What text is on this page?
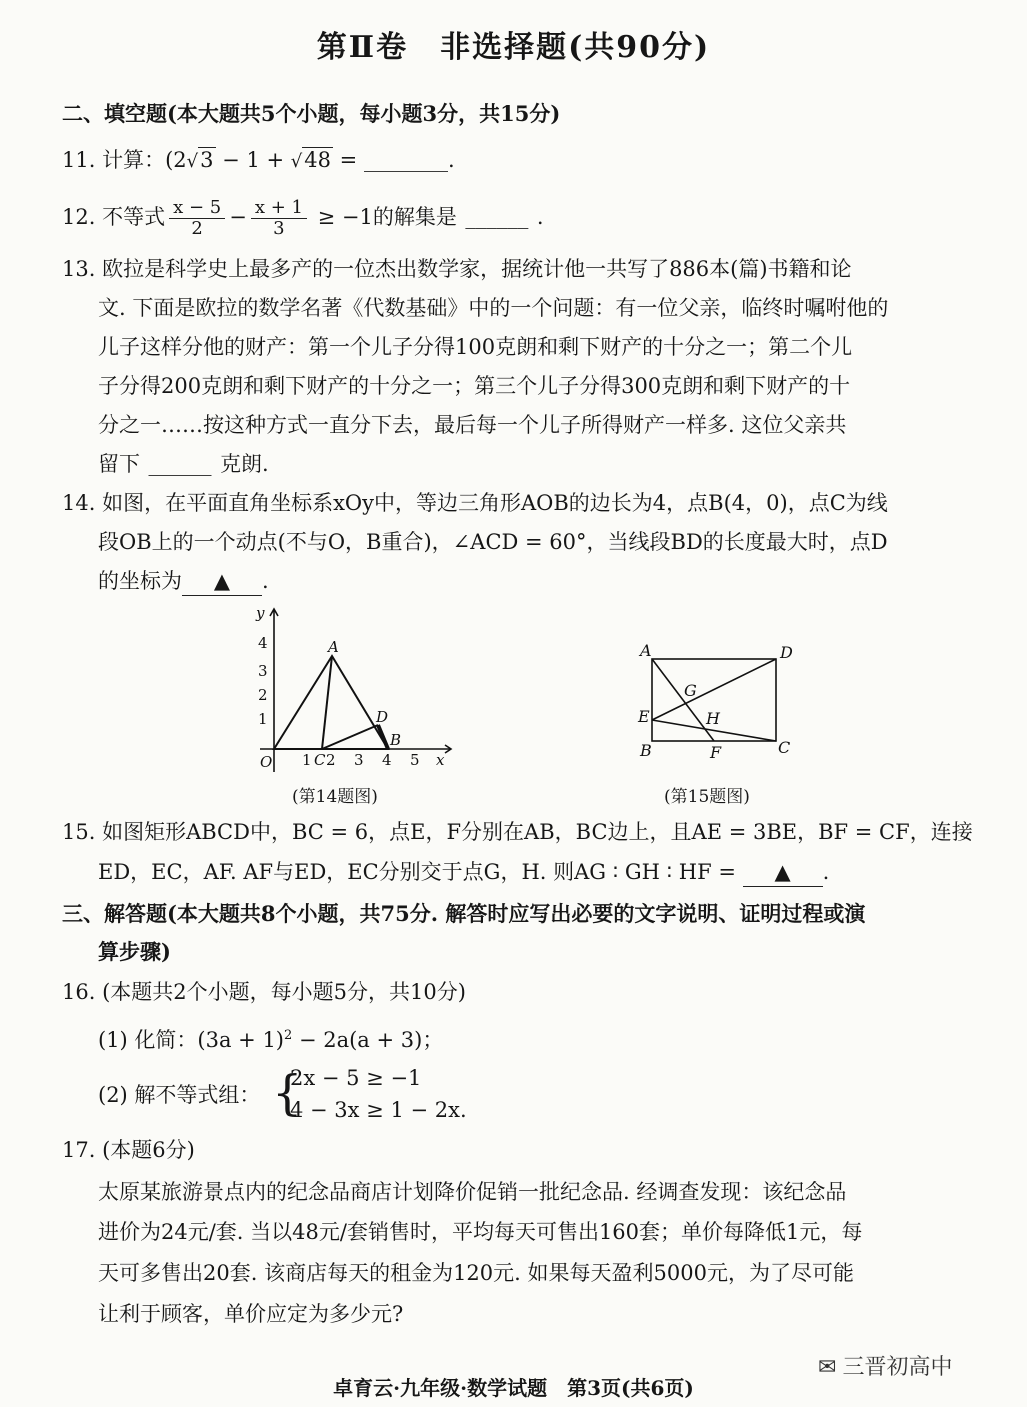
第Ⅱ卷　非选择题(共90分)
二、填空题(本大题共5个小题，每小题3分，共15分)
11. 计算：(2√3 − 1 + √48 = ________.
12. 不等式 $\frac{x - 5}{2} - \frac{x + 1}{3} \ge -1$的解集是 ______ .
13. 欧拉是科学史上最多产的一位杰出数学家，据统计他一共写了886本(篇)书籍和论
文. 下面是欧拉的数学名著《代数基础》中的一个问题：有一位父亲，临终时嘱咐他的
儿子这样分他的财产：第一个儿子分得100克朗和剩下财产的十分之一；第二个儿
子分得200克朗和剩下财产的十分之一；第三个儿子分得300克朗和剩下财产的十
分之一……按这种方式一直分下去，最后每一个儿子所得财产一样多. 这位父亲共
留下 ______ 克朗.
14. 如图，在平面直角坐标系xOy中，等边三角形AOB的边长为4，点B(4，0)，点C为线
段OB上的一个动点(不与O，B重合)，∠ACD = 60°，当线段BD的长度最大时，点D
的坐标为 ▲ .
1
2
3
4
1 2 3 4 5 x
y
O
A
B
C
D
(第14题图)
A	D
B	C
E
F
G
H
(第15题图)
15. 如图矩形ABCD中，BC = 6，点E，F分别在AB，BC边上，且AE = 3BE，BF = CF，连接
ED，EC，AF. AF与ED，EC分别交于点G，H. 则AG ∶ GH ∶ HF = ▲ .
三、解答题(本大题共8个小题，共75分. 解答时应写出必要的文字说明、证明过程或演
算步骤)
16. (本题共2个小题，每小题5分，共10分)
(1) 化简：$(3a + 1)^2 - 2a(a + 3)$；
(2) 解不等式组： {
2x − 5 ≥ −1
4 − 3x ≥ 1 − 2x.
17. (本题6分)
太原某旅游景点内的纪念品商店计划降价促销一批纪念品. 经调查发现：该纪念品
进价为24元/套. 当以48元/套销售时，平均每天可售出160套；单价每降低1元，每
天可多售出20套. 该商店每天的租金为120元. 如果每天盈利5000元，为了尽可能
让利于顾客，单价应定为多少元?
✉ 三晋初高中
卓育云·九年级·数学试题　第3页(共6页)
